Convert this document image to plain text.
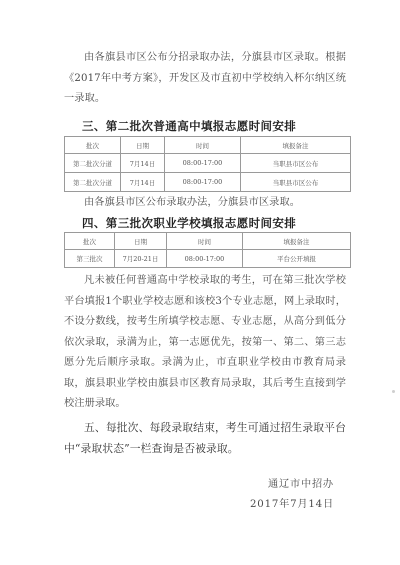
由各旗县市区公布分招录取办法，分旗县市区录取。根据《2017年中考方案》，开发区及市直初中学校纳入杯尔纳区统一录取。

三、第二批次普通高中填报志愿时间安排
批次	日期	时间	填报备注
第二批次分道	7月14日	08:00-17:00	当职县市区公布
第二批次分道	7月14日	08:00-17:00	当职县市区公布

由各旗县市区公布录取办法，分旗县市区录取。

四、第三批次职业学校填报志愿时间安排
批次	日期	时间	填报备注
第三批次	7月20-21日	08:00-17:00	平台公开填报

凡未被任何普通高中学校录取的考生，可在第三批次学校平台填报1个职业学校志愿和该校3个专业志愿，网上录取时，不设分数线，按考生所填学校志愿、专业志愿，从高分到低分依次录取，录满为止，第一志愿优先，按第一、第二、第三志愿分先后顺序录取。录满为止，市直职业学校由市教育局录取，旗县职业学校由旗县市区教育局录取，其后考生直接到学校注册录取。

五、每批次、每段录取结束，考生可通过招生录取平台中“录取状态”一栏查询是否被录取。

通辽市中招办
2017年7月14日
